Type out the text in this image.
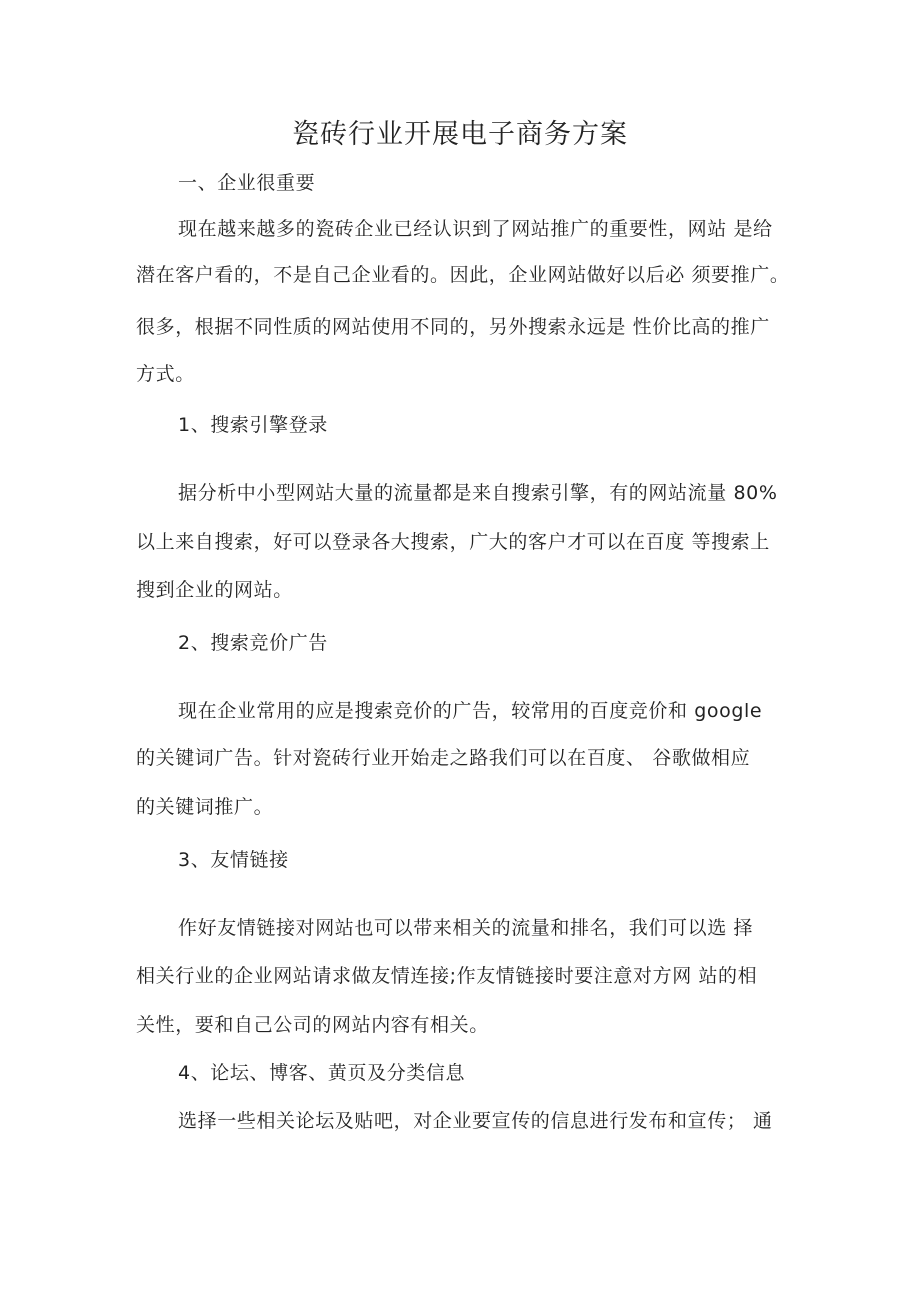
瓷砖行业开展电子商务方案
一、企业很重要
现在越来越多的瓷砖企业已经认识到了网站推广的重要性，网站 是给
潜在客户看的，不是自己企业看的。因此，企业网站做好以后必 须要推广。
很多，根据不同性质的网站使用不同的，另外搜索永远是 性价比高的推广
方式。
1、搜索引擎登录
据分析中小型网站大量的流量都是来自搜索引擎，有的网站流量 80%
以上来自搜索，好可以登录各大搜索，广大的客户才可以在百度 等搜索上
搜到企业的网站。
2、搜索竞价广告
现在企业常用的应是搜索竞价的广告，较常用的百度竞价和 google
的关键词广告。针对瓷砖行业开始走之路我们可以在百度、 谷歌做相应
的关键词推广。
3、友情链接
作好友情链接对网站也可以带来相关的流量和排名，我们可以选 择
相关行业的企业网站请求做友情连接;作友情链接时要注意对方网 站的相
关性，要和自己公司的网站内容有相关。
4、论坛、博客、黄页及分类信息
选择一些相关论坛及贴吧，对企业要宣传的信息进行发布和宣传； 通
